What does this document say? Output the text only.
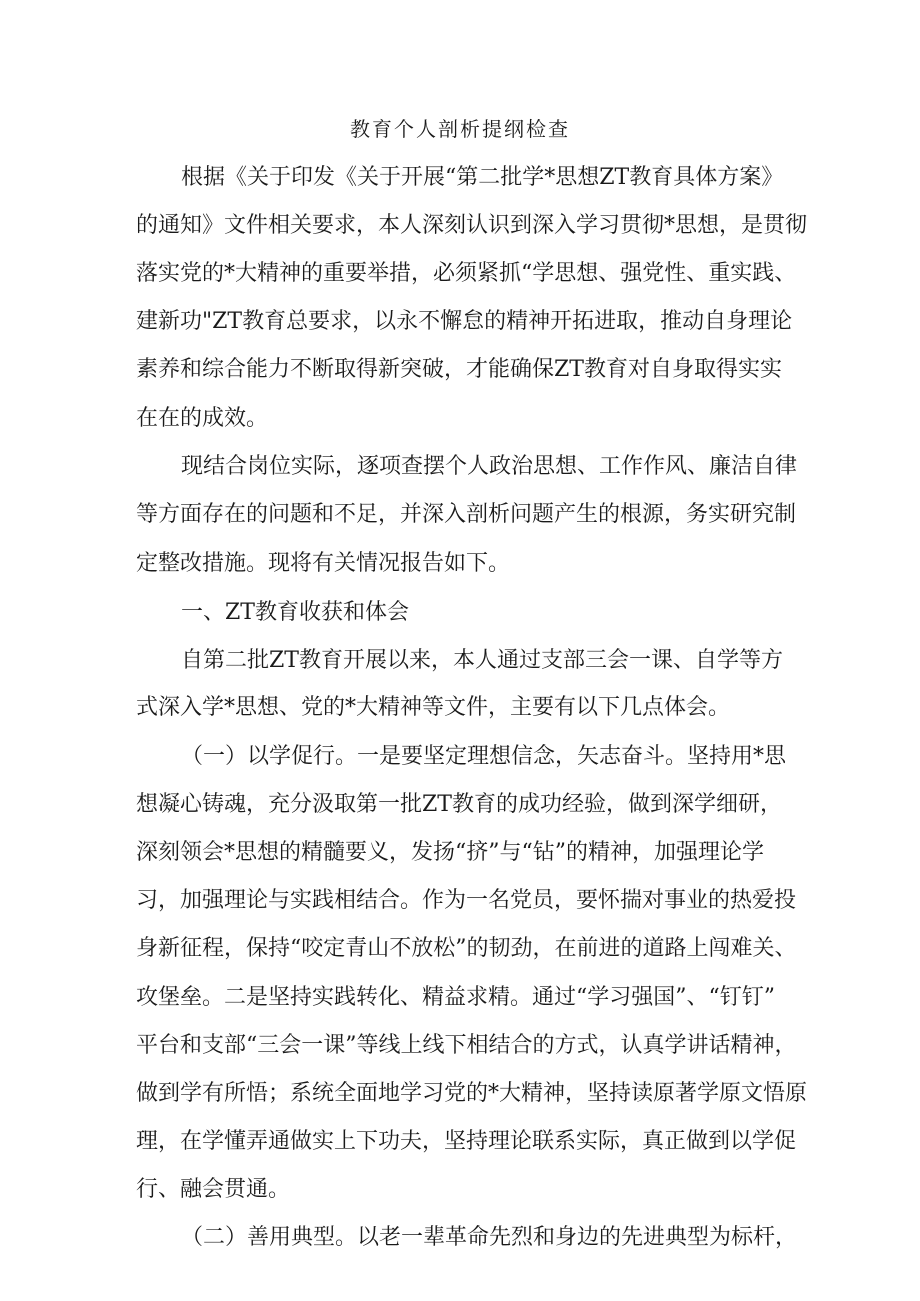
教育个人剖析提纲检查
根据《关于印发《关于开展“第二批学*思想ZT教育具体方案》
的通知》文件相关要求，本人深刻认识到深入学习贯彻*思想，是贯彻
落实党的*大精神的重要举措，必须紧抓“学思想、强党性、重实践、
建新功"ZT教育总要求，以永不懈怠的精神开拓进取，推动自身理论
素养和综合能力不断取得新突破，才能确保ZT教育对自身取得实实
在在的成效。
现结合岗位实际，逐项查摆个人政治思想、工作作风、廉洁自律
等方面存在的问题和不足，并深入剖析问题产生的根源，务实研究制
定整改措施。现将有关情况报告如下。
一、ZT教育收获和体会
自第二批ZT教育开展以来，本人通过支部三会一课、自学等方
式深入学*思想、党的*大精神等文件，主要有以下几点体会。
（一）以学促行。一是要坚定理想信念，矢志奋斗。坚持用*思
想凝心铸魂，充分汲取第一批ZT教育的成功经验，做到深学细研，
深刻领会*思想的精髓要义，发扬“挤”与“钻”的精神，加强理论学
习，加强理论与实践相结合。作为一名党员，要怀揣对事业的热爱投
身新征程，保持“咬定青山不放松”的韧劲，在前进的道路上闯难关、
攻堡垒。二是坚持实践转化、精益求精。通过“学习强国”、“钉钉”
平台和支部“三会一课”等线上线下相结合的方式，认真学讲话精神，
做到学有所悟；系统全面地学习党的*大精神，坚持读原著学原文悟原
理，在学懂弄通做实上下功夫，坚持理论联系实际，真正做到以学促
行、融会贯通。
（二）善用典型。以老一辈革命先烈和身边的先进典型为标杆，
